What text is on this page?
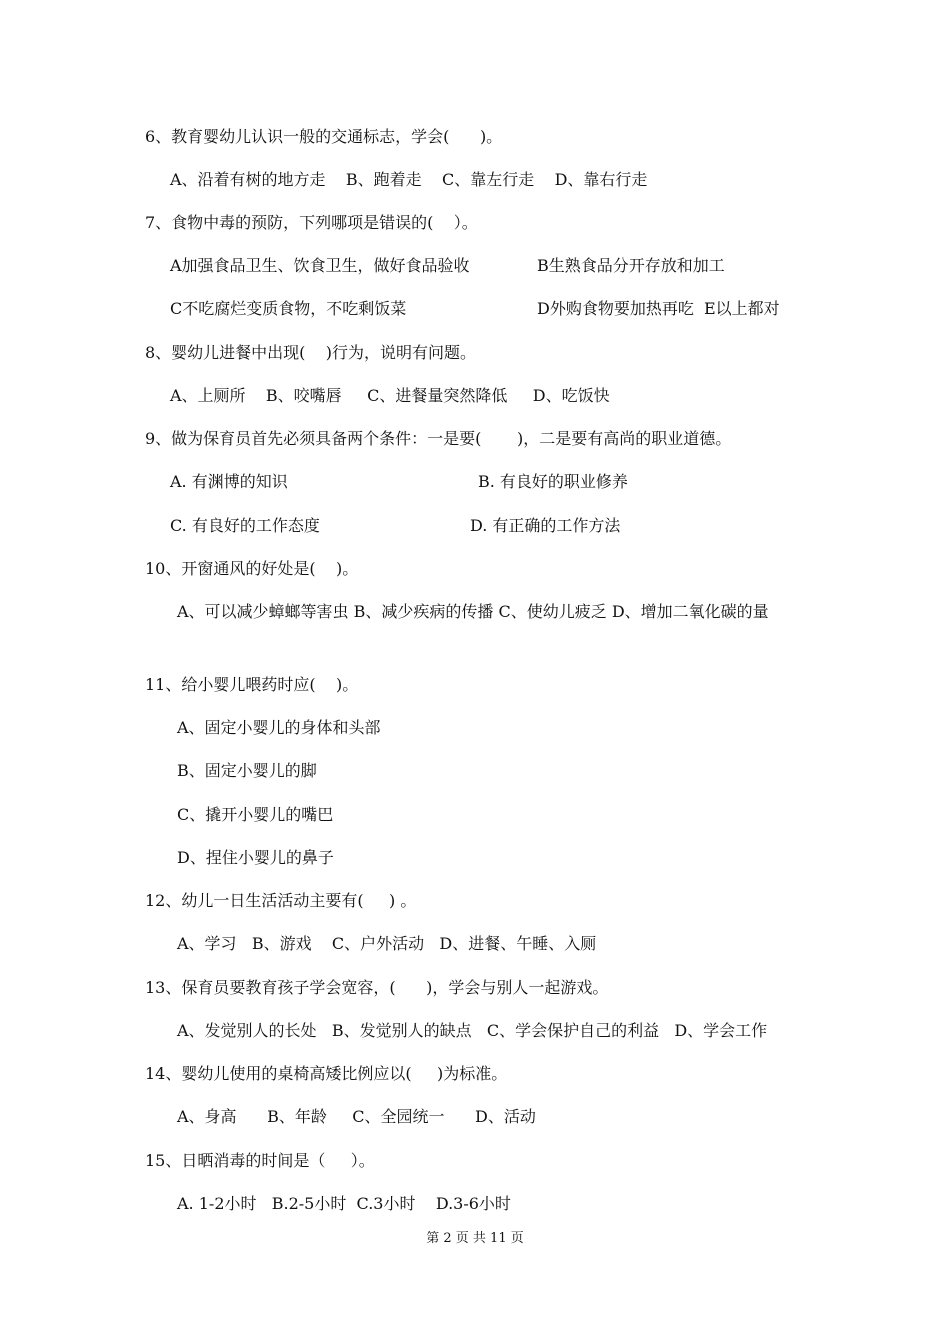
6、教育婴幼儿认识一般的交通标志，学会(      )。
A、沿着有树的地方走    B、跑着走    C、靠左行走    D、靠右行走
7、食物中毒的预防，下列哪项是错误的(    ）。
A加强食品卫生、饮食卫生，做好食品验收	B生熟食品分开存放和加工
C不吃腐烂变质食物，不吃剩饭菜	D外购食物要加热再吃  E以上都对
8、婴幼儿进餐中出现(    )行为，说明有问题。
A、上厕所    B、咬嘴唇     C、进餐量突然降低     D、吃饭快
9、做为保育员首先必须具备两个条件：一是要(       )，二是要有高尚的职业道德。
A. 有渊博的知识	B. 有良好的职业修养
C. 有良好的工作态度	D. 有正确的工作方法
10、开窗通风的好处是(    )。
A、可以减少蟑螂等害虫 B、减少疾病的传播 C、使幼儿疲乏 D、增加二氧化碳的量
11、给小婴儿喂药时应(    )。
A、固定小婴儿的身体和头部
B、固定小婴儿的脚
C、撬开小婴儿的嘴巴
D、捏住小婴儿的鼻子
12、幼儿一日生活活动主要有(     ) 。
A、学习   B、游戏    C、户外活动   D、进餐、午睡、入厕
13、保育员要教育孩子学会宽容，(      )，学会与别人一起游戏。
A、发觉别人的长处   B、发觉别人的缺点   C、学会保护自己的利益   D、学会工作
14、婴幼儿使用的桌椅高矮比例应以(     )为标准。
A、身高      B、年龄     C、全园统一      D、活动
15、日晒消毒的时间是（     ）。
A. 1-2小时   B.2-5小时  C.3小时    D.3-6小时
第 2 页 共 11 页
